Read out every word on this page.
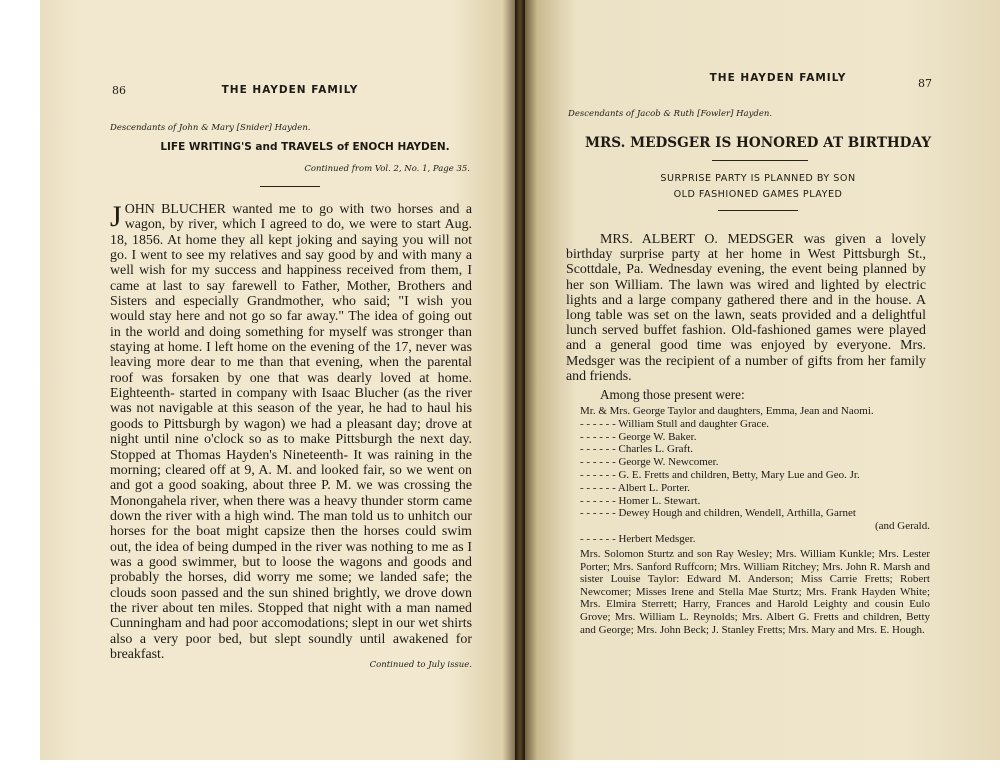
86	THE HAYDEN FAMILY
Descendants of John & Mary [Snider] Hayden.
LIFE WRITING'S and TRAVELS of ENOCH HAYDEN.
Continued from Vol. 2, No. 1, Page 35.
JOHN BLUCHER wanted me to go with two horses and a wagon, by river, which I agreed to do, we were to start Aug. 18, 1856. At home they all kept joking and saying you will not go. I went to see my relatives and say good by and with many a well wish for my success and happiness received from them, I came at last to say farewell to Father, Mother, Brothers and Sisters and especially Grandmother, who said; "I wish you would stay here and not go so far away." The idea of going out in the world and doing something for myself was stronger than staying at home. I left home on the evening of the 17, never was leaving more dear to me than that evening, when the parental roof was forsaken by one that was dearly loved at home. Eighteenth- started in company with Isaac Blucher (as the river was not navigable at this season of the year, he had to haul his goods to Pittsburgh by wagon) we had a pleasant day; drove at night until nine o'clock so as to make Pittsburgh the next day. Stopped at Thomas Hayden's Nineteenth- It was raining in the morning; cleared off at 9, A. M. and looked fair, so we went on and got a good soaking, about three P. M. we was crossing the Monongahela river, when there was a heavy thunder storm came down the river with a high wind. The man told us to unhitch our horses for the boat might capsize then the horses could swim out, the idea of being dumped in the river was nothing to me as I was a good swimmer, but to loose the wagons and goods and probably the horses, did worry me some; we landed safe; the clouds soon passed and the sun shined brightly, we drove down the river about ten miles. Stopped that night with a man named Cunningham and had poor accomodations; slept in our wet shirts also a very poor bed, but slept soundly until awakened for breakfast.
Continued to July issue.
THE HAYDEN FAMILY	87
Descendants of Jacob & Ruth [Fowler] Hayden.
MRS. MEDSGER IS HONORED AT BIRTHDAY
SURPRISE PARTY IS PLANNED BY SON
OLD FASHIONED GAMES PLAYED
MRS. ALBERT O. MEDSGER was given a lovely birthday surprise party at her home in West Pittsburgh St., Scottdale, Pa. Wednesday evening, the event being planned by her son William. The lawn was wired and lighted by electric lights and a large company gathered there and in the house. A long table was set on the lawn, seats provided and a delightful lunch served buffet fashion. Old-fashioned games were played and a general good time was enjoyed by everyone. Mrs. Medsger was the recipient of a number of gifts from her family and friends.
Among those present were:
Mr. & Mrs. George Taylor and daughters, Emma, Jean and Naomi.
- - - - - - William Stull and daughter Grace.
- - - - - - George W. Baker.
- - - - - - Charles L. Graft.
- - - - - - George W. Newcomer.
- - - - - - G. E. Fretts and children, Betty, Mary Lue and Geo. Jr.
- - - - - - Albert L. Porter.
- - - - - - Homer L. Stewart.
- - - - - - Dewey Hough and children, Wendell, Arthilla, Garnet
(and Gerald.
- - - - - - Herbert Medsger.
Mrs. Solomon Sturtz and son Ray Wesley; Mrs. William Kunkle; Mrs. Lester Porter; Mrs. Sanford Ruffcorn; Mrs. William Ritchey; Mrs. John R. Marsh and sister Louise Taylor: Edward M. Anderson; Miss Carrie Fretts; Robert Newcomer; Misses Irene and Stella Mae Sturtz; Mrs. Frank Hayden White; Mrs. Elmira Sterrett; Harry, Frances and Harold Leighty and cousin Eulo Grove; Mrs. William L. Reynolds; Mrs. Albert G. Fretts and children, Betty and George; Mrs. John Beck; J. Stanley Fretts; Mrs. Mary and Mrs. E. Hough.
